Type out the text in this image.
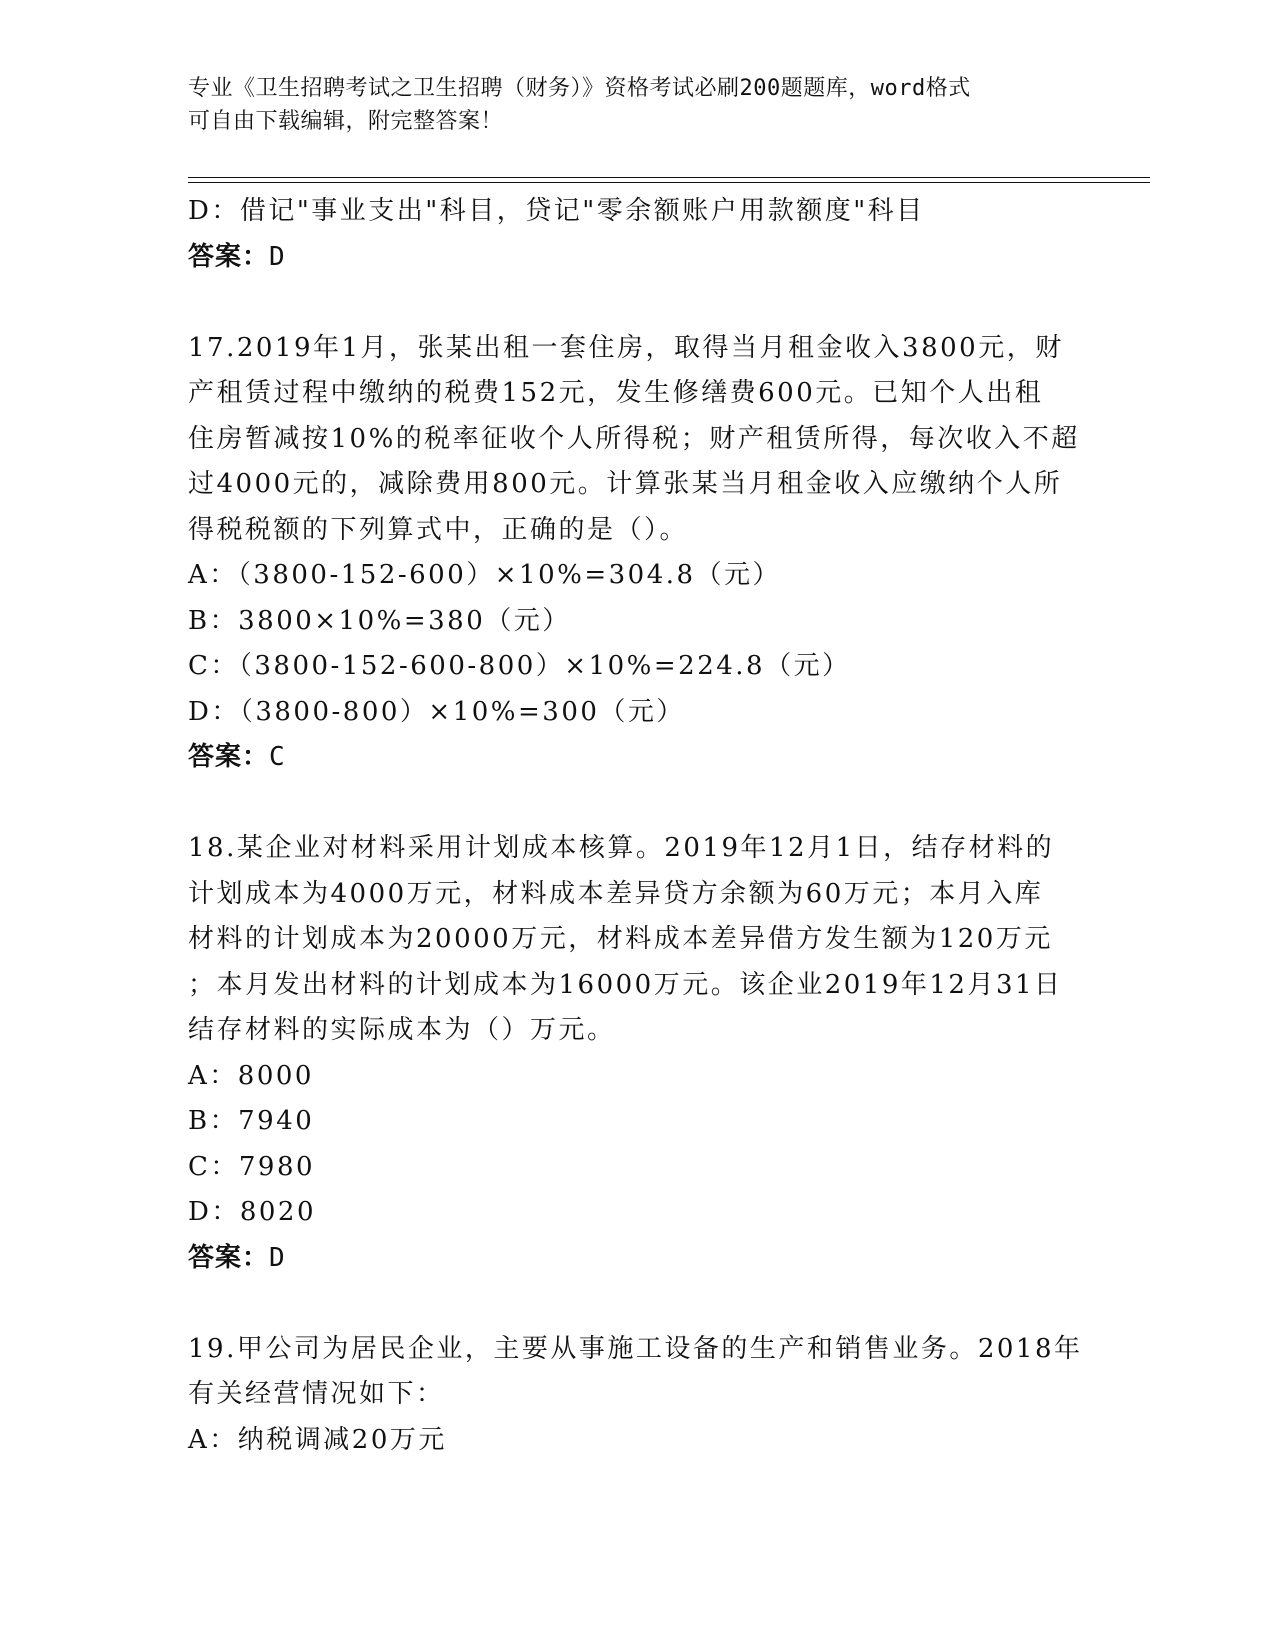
专业《卫生招聘考试之卫生招聘（财务）》资格考试必刷200题题库，word格式
可自由下载编辑，附完整答案！
D：借记"事业支出"科目，贷记"零余额账户用款额度"科目
答案：D
17.2019年1月，张某出租一套住房，取得当月租金收入3800元，财
产租赁过程中缴纳的税费152元，发生修缮费600元。已知个人出租
住房暂减按10%的税率征收个人所得税；财产租赁所得，每次收入不超
过4000元的，减除费用800元。计算张某当月租金收入应缴纳个人所
得税税额的下列算式中，正确的是（）。
A：（3800-152-600）×10%=304.8（元）
B：3800×10%=380（元）
C：（3800-152-600-800）×10%=224.8（元）
D：（3800-800）×10%=300（元）
答案：C
18.某企业对材料采用计划成本核算。2019年12月1日，结存材料的
计划成本为4000万元，材料成本差异贷方余额为60万元；本月入库
材料的计划成本为20000万元，材料成本差异借方发生额为120万元
；本月发出材料的计划成本为16000万元。该企业2019年12月31日
结存材料的实际成本为（）万元。
A：8000
B：7940
C：7980
D：8020
答案：D
19.甲公司为居民企业，主要从事施工设备的生产和销售业务。2018年
有关经营情况如下：
A：纳税调减20万元
